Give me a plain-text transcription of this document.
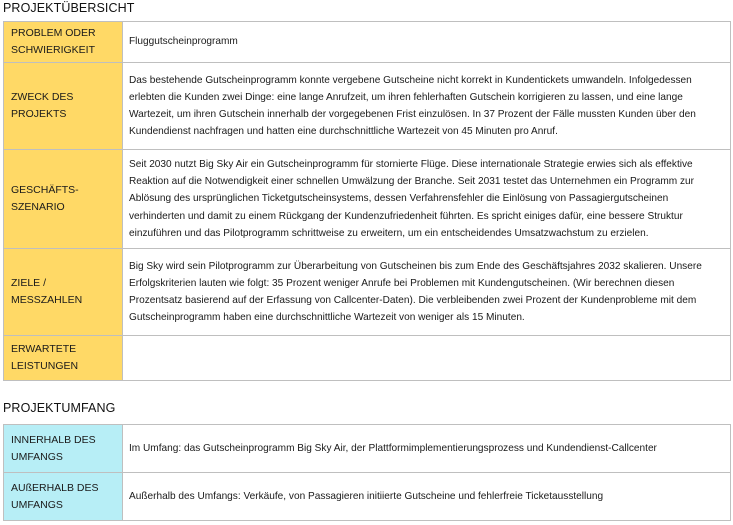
PROJEKTÜBERSICHT
PROBLEM ODER SCHWIERIGKEIT	Fluggutscheinprogramm
ZWECK DES PROJEKTS	Das bestehende Gutscheinprogramm konnte vergebene Gutscheine nicht korrekt in Kundentickets umwandeln. Infolgedessen erlebten die Kunden zwei Dinge: eine lange Anrufzeit, um ihren fehlerhaften Gutschein korrigieren zu lassen, und eine lange Wartezeit, um ihren Gutschein innerhalb der vorgegebenen Frist einzulösen. In 37 Prozent der Fälle mussten Kunden über den Kundendienst nachfragen und hatten eine durchschnittliche Wartezeit von 45 Minuten pro Anruf.
GESCHÄFTS-SZENARIO	Seit 2030 nutzt Big Sky Air ein Gutscheinprogramm für stornierte Flüge. Diese internationale Strategie erwies sich als effektive Reaktion auf die Notwendigkeit einer schnellen Umwälzung der Branche. Seit 2031 testet das Unternehmen ein Programm zur Ablösung des ursprünglichen Ticketgutscheinsystems, dessen Verfahrensfehler die Einlösung von Passagiergutscheinen verhinderten und damit zu einem Rückgang der Kundenzufriedenheit führten. Es spricht einiges dafür, eine bessere Struktur einzuführen und das Pilotprogramm schrittweise zu erweitern, um ein entscheidendes Umsatzwachstum zu erzielen.
ZIELE / MESSZAHLEN	Big Sky wird sein Pilotprogramm zur Überarbeitung von Gutscheinen bis zum Ende des Geschäftsjahres 2032 skalieren. Unsere Erfolgskriterien lauten wie folgt: 35 Prozent weniger Anrufe bei Problemen mit Kundengutscheinen. (Wir berechnen diesen Prozentsatz basierend auf der Erfassung von Callcenter-Daten). Die verbleibenden zwei Prozent der Kundenprobleme mit dem Gutscheinprogramm haben eine durchschnittliche Wartezeit von weniger als 15 Minuten.
ERWARTETE LEISTUNGEN	
PROJEKTUMFANG
INNERHALB DES UMFANGS	Im Umfang: das Gutscheinprogramm Big Sky Air, der Plattformimplementierungsprozess und Kundendienst-Callcenter
AUßERHALB DES UMFANGS	Außerhalb des Umfangs: Verkäufe, von Passagieren initiierte Gutscheine und fehlerfreie Ticketausstellung
